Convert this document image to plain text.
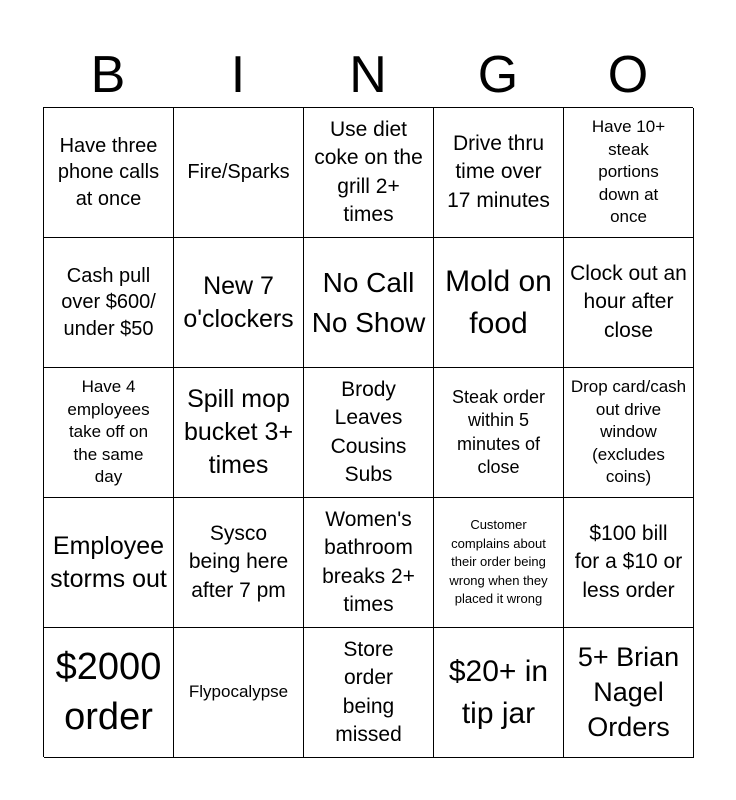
B	I	N	G	O
Have three phone calls at once
Fire/Sparks
Use diet coke on the grill 2+ times
Drive thru time over 17 minutes
Have 10+ steak portions down at once
Cash pull over $600/ under $50
New 7 o'clockers
No Call No Show
Mold on food
Clock out an hour after close
Have 4 employees take off on the same day
Spill mop bucket 3+ times
Brody Leaves Cousins Subs
Steak order within 5 minutes of close
Drop card/cash out drive window (excludes coins)
Employee storms out
Sysco being here after 7 pm
Women's bathroom breaks 2+ times
Customer complains about their order being wrong when they placed it wrong
$100 bill for a $10 or less order
$2000 order
Flypocalypse
Store order being missed
$20+ in tip jar
5+ Brian Nagel Orders
